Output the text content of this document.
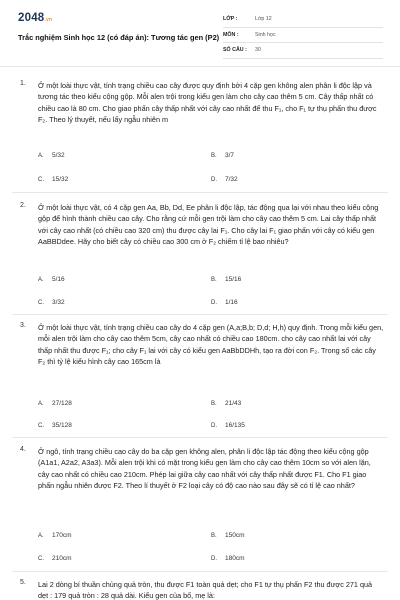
2048.vn
Trắc nghiệm Sinh học 12 (có đáp án): Tương tác gen (P2)
LỚP :	Lớp 12
MÔN :	Sinh học
SỐ CÂU :	30
1. Ở một loài thực vật, tính trạng chiều cao cây được quy định bởi 4 cặp gen không alen phân li độc lập và tương tác theo kiểu cộng gộp. Mỗi alen trội trong kiểu gen làm cho cây cao thêm 5 cm. Cây thấp nhất có chiều cao là 80 cm. Cho giao phấn cây thấp nhất với cây cao nhất để thu F₁, cho F₁ tự thụ phấn thu được F₂. Theo lý thuyết, nếu lấy ngẫu nhiên m
A. 5/32	B. 3/7
C. 15/32	D. 7/32
2. Ở một loài thực vật, có 4 cặp gen Aa, Bb, Dd, Ee phân li độc lập, tác động qua lại với nhau theo kiểu cộng gộp để hình thành chiều cao cây. Cho rằng cứ mỗi gen trội làm cho cây cao thêm 5 cm. Lai cây thấp nhất với cây cao nhất (có chiều cao 320 cm) thu được cây lai F₁. Cho cây lai F₁ giao phấn với cây có kiểu gen AaBBDdee. Hãy cho biết cây có chiều cao 300 cm ở F₂ chiếm tỉ lệ bao nhiêu?
A. 5/16	B. 15/16
C. 3/32	D. 1/16
3. Ở một loài thực vật, tính trạng chiều cao cây do 4 cặp gen (A,a;B,b; D,d; H,h) quy định. Trong mỗi kiểu gen, mỗi alen trội làm cho cây cao thêm 5cm, cây cao nhất có chiều cao 180cm. cho cây cao nhất lai với cây thấp nhất thu được F₁; cho cây F₁ lai với cây có kiểu gen AaBbDDHh, tạo ra đời con F₂. Trong số các cây F₂ thì tỷ lệ kiểu hình cây cao 165cm là
A. 27/128	B. 21/43
C. 35/128	D. 16/135
4. Ở ngô, tính trạng chiều cao cây do ba cặp gen không alen, phân li độc lập tác động theo kiểu cộng gộp (A1a1, A2a2, A3a3). Mỗi alen trội khi có mặt trong kiểu gen làm cho cây cao thêm 10cm so với alen lặn, cây cao nhất có chiều cao 210cm. Phép lai giữa cây cao nhất với cây thấp nhất được F1. Cho F1 giao phấn ngẫu nhiên được F2. Theo lí thuyết ở F2 loại cây có độ cao nào sau đây sẽ có tỉ lệ cao nhất?
A. 170cm	B. 150cm
C. 210cm	D. 180cm
5. Lai 2 dòng bí thuần chủng quả tròn, thu được F1 toàn quả dẹt; cho F1 tự thụ phấn F2 thu được 271 quả dẹt : 179 quả tròn : 28 quả dài. Kiểu gen của bố, mẹ là:
